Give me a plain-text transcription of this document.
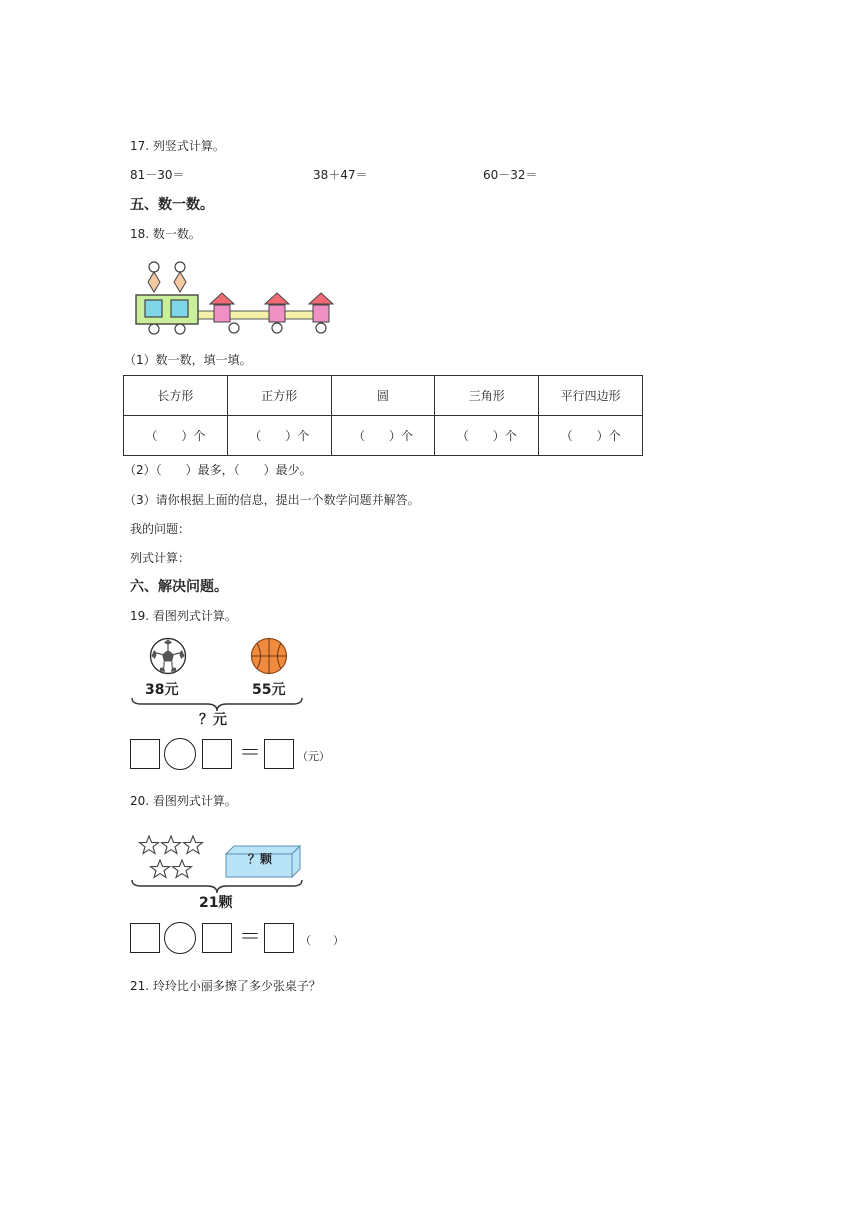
17. 列竖式计算。
81－30＝	38＋47＝	60－32＝
五、数一数。
18. 数一数。
（1）数一数，填一填。
长方形	正方形	圆	三角形	平行四边形
（　　）个	（　　）个	（　　）个	（　　）个	（　　）个
（2）（　　）最多，（　　）最少。
（3）请你根据上面的信息，提出一个数学问题并解答。
我的问题：
列式计算：
六、解决问题。
19. 看图列式计算。
38元	55元
？元
＝	（元）
20. 看图列式计算。
？颗
21颗
＝	（　　）
21. 玲玲比小丽多擦了多少张桌子？
